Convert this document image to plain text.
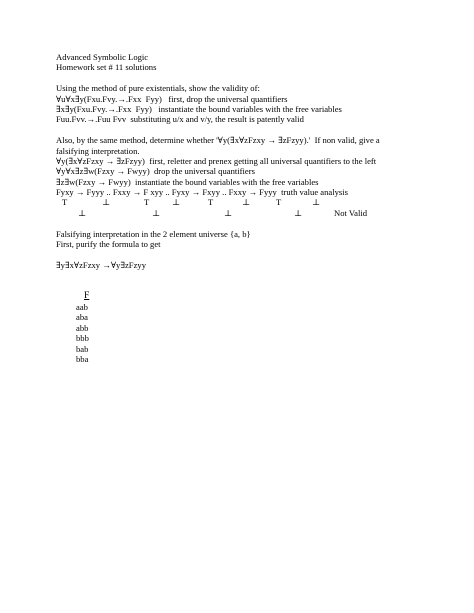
Advanced Symbolic Logic
Homework set # 11 solutions
Using the method of pure existentials, show the validity of:
∀u∀x∃y(Fxu.Fvy.→.Fxx  Fyy)   first, drop the universal quantifiers
∃x∃y(Fxu.Fvy.→.Fxx  Fyy)   instantiate the bound variables with the free variables
Fuu.Fvv.→.Fuu Fvv  substituting u/x and v/y, the result is patently valid
Also, by the same method, determine whether '∀y(∃x∀zFzxy → ∃zFzyy).'  If non valid, give a
falsifying interpretation.
∀y(∃x∀zFzxy → ∃zFzyy)  first, reletter and prenex getting all universal quantifiers to the left
∀y∀x∃z∃w(Fzxy → Fwyy)  drop the universal quantifiers
∃z∃w(Fzxy → Fwyy)  instantiate the bound variables with the free variables
Fyxy → Fyyy .. Fxxy → F xyy .. Fyxy → Fxyy .. Fxxy → Fyyy  truth value analysis
T	⊥	T	⊥	T	⊥	T	⊥
⊥	⊥	⊥	⊥	Not Valid
Falsifying interpretation in the 2 element universe {a, b}
First, purify the formula to get
∃y∃x∀zFzxy →∀y∃zFzyy
F
aab
aba
abb
bbb
bab
bba
